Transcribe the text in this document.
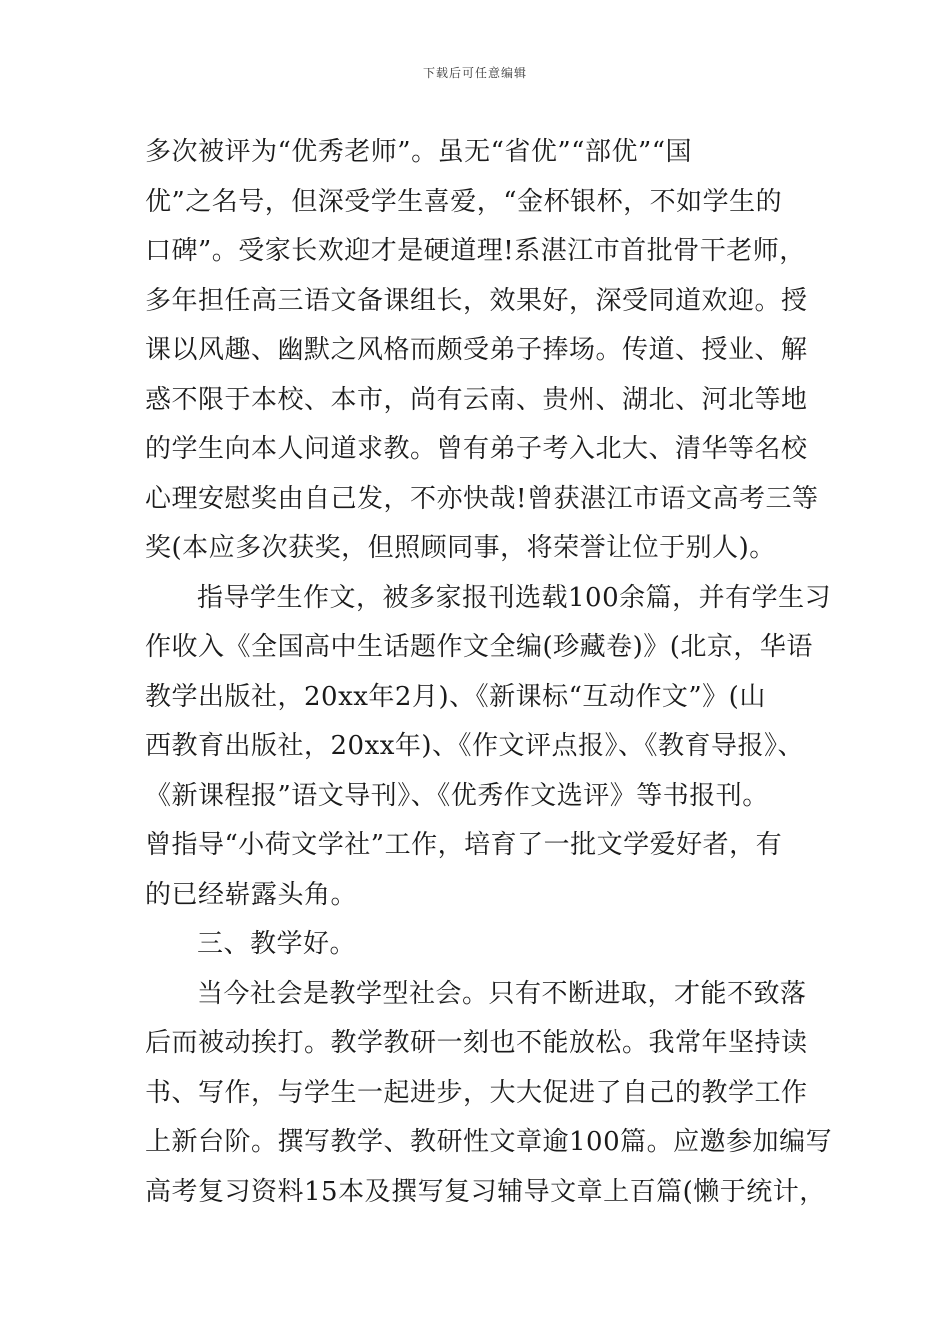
下载后可任意编辑
多次被评为“优秀老师”。虽无“省优”“部优”“国
优”之名号，但深受学生喜爱，“金杯银杯，不如学生的
口碑”。受家长欢迎才是硬道理!系湛江市首批骨干老师，
多年担任高三语文备课组长，效果好，深受同道欢迎。授
课以风趣、幽默之风格而颇受弟子捧场。传道、授业、解
惑不限于本校、本市，尚有云南、贵州、湖北、河北等地
的学生向本人问道求教。曾有弟子考入北大、清华等名校
心理安慰奖由自己发，不亦快哉!曾获湛江市语文高考三等
奖(本应多次获奖，但照顾同事，将荣誉让位于别人)。
指导学生作文，被多家报刊选载100余篇，并有学生习
作收入《全国高中生话题作文全编(珍藏卷)》(北京，华语
教学出版社，20xx年2月)、《新课标“互动作文”》(山
西教育出版社，20xx年)、《作文评点报》、《教育导报》、
《新课程报”语文导刊》、《优秀作文选评》等书报刊。
曾指导“小荷文学社”工作，培育了一批文学爱好者，有
的已经崭露头角。
三、教学好。
当今社会是教学型社会。只有不断进取，才能不致落
后而被动挨打。教学教研一刻也不能放松。我常年坚持读
书、写作，与学生一起进步，大大促进了自己的教学工作
上新台阶。撰写教学、教研性文章逾100篇。应邀参加编写
高考复习资料15本及撰写复习辅导文章上百篇(懒于统计，
